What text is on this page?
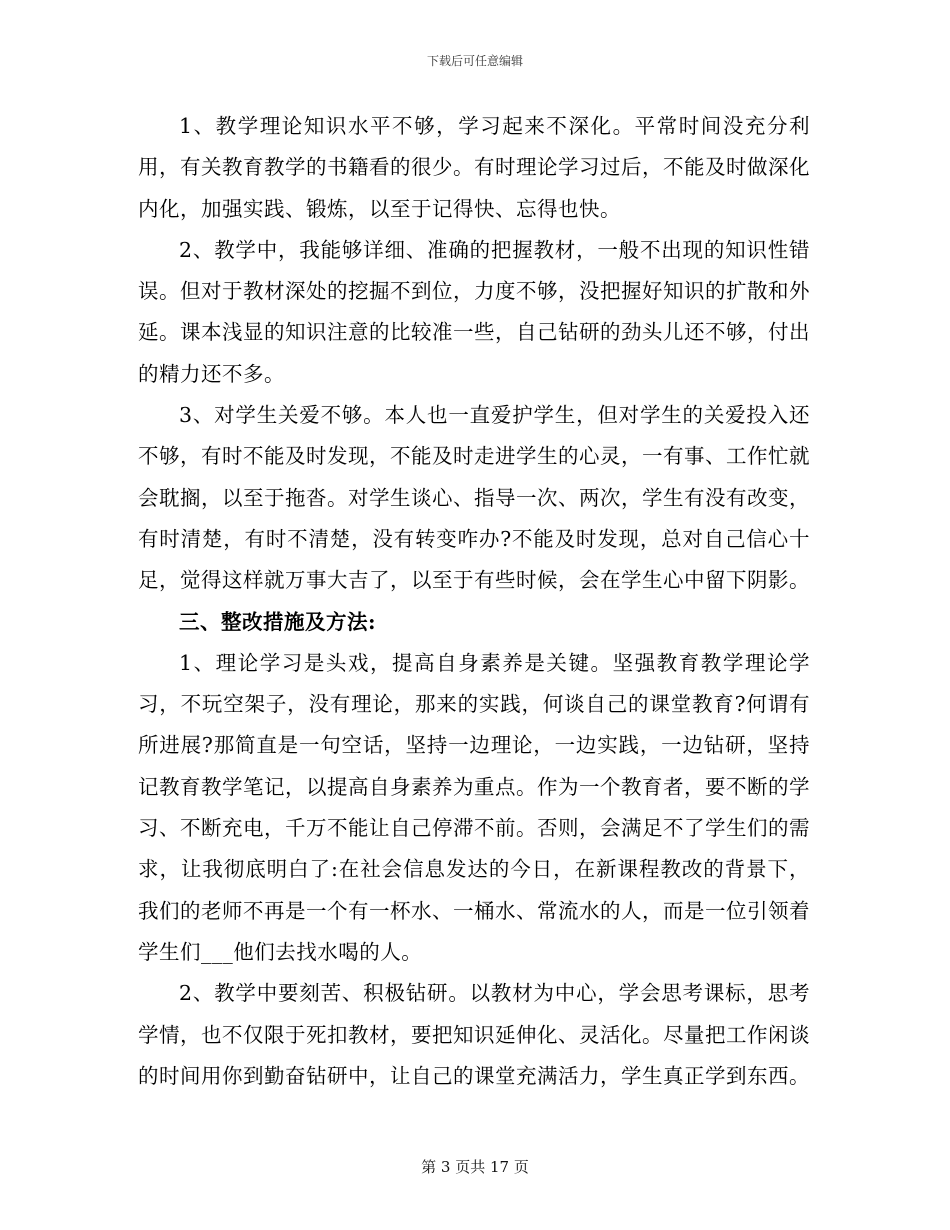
下载后可任意编辑

1、教学理论知识水平不够，学习起来不深化。平常时间没充分利用，有关教育教学的书籍看的很少。有时理论学习过后，不能及时做深化内化，加强实践、锻炼，以至于记得快、忘得也快。

2、教学中，我能够详细、准确的把握教材，一般不出现的知识性错误。但对于教材深处的挖掘不到位，力度不够，没把握好知识的扩散和外延。课本浅显的知识注意的比较准一些，自己钻研的劲头儿还不够，付出的精力还不多。

3、对学生关爱不够。本人也一直爱护学生，但对学生的关爱投入还不够，有时不能及时发现，不能及时走进学生的心灵，一有事、工作忙就会耽搁，以至于拖沓。对学生谈心、指导一次、两次，学生有没有改变，有时清楚，有时不清楚，没有转变咋办?不能及时发现，总对自己信心十足，觉得这样就万事大吉了，以至于有些时候，会在学生心中留下阴影。

三、整改措施及方法:

1、理论学习是头戏，提高自身素养是关键。坚强教育教学理论学习，不玩空架子，没有理论，那来的实践，何谈自己的课堂教育?何谓有所进展?那简直是一句空话，坚持一边理论，一边实践，一边钻研，坚持记教育教学笔记，以提高自身素养为重点。作为一个教育者，要不断的学习、不断充电，千万不能让自己停滞不前。否则，会满足不了学生们的需求，让我彻底明白了:在社会信息发达的今日，在新课程教改的背景下，我们的老师不再是一个有一杯水、一桶水、常流水的人，而是一位引领着学生们___他们去找水喝的人。

2、教学中要刻苦、积极钻研。以教材为中心，学会思考课标，思考学情，也不仅限于死扣教材，要把知识延伸化、灵活化。尽量把工作闲谈的时间用你到勤奋钻研中，让自己的课堂充满活力，学生真正学到东西。

第 3 页共 17 页
